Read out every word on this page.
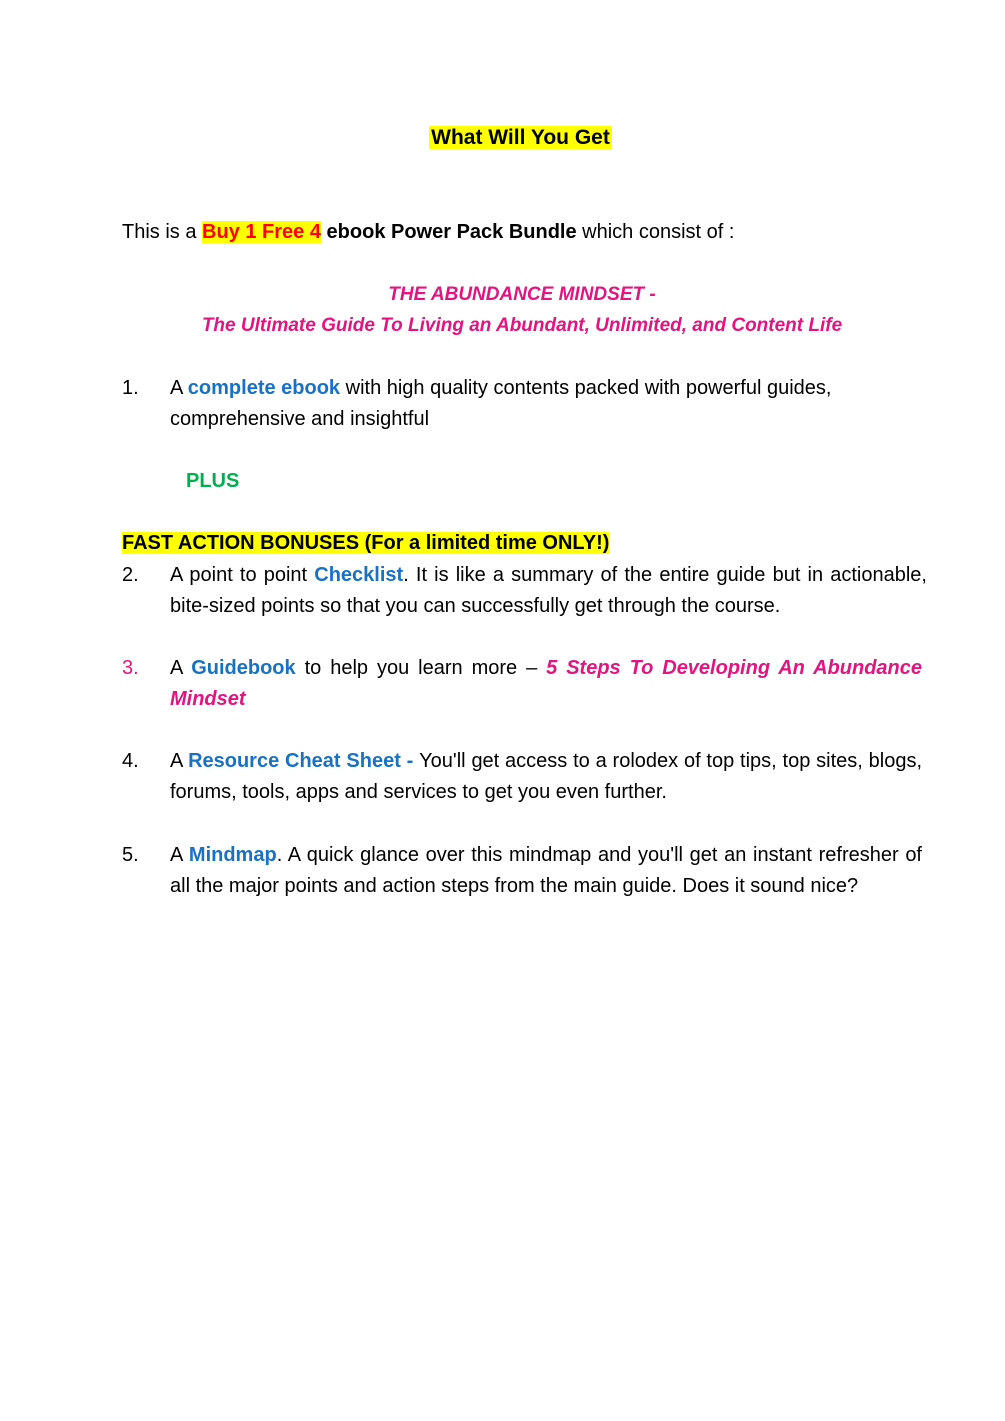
What Will You Get
This is a Buy 1 Free 4 ebook Power Pack Bundle which consist of :
THE ABUNDANCE MINDSET -
The Ultimate Guide To Living an Abundant, Unlimited, and Content Life
1.	A complete ebook with high quality contents packed with powerful guides, comprehensive and insightful
PLUS
FAST ACTION BONUSES (For a limited time ONLY!)
2.	A point to point Checklist. It is like a summary of the entire guide but in actionable, bite-sized points so that you can successfully get through the course.
3.	A Guidebook to help you learn more – 5 Steps To Developing An Abundance Mindset
4.	A Resource Cheat Sheet - You'll get access to a rolodex of top tips, top sites, blogs, forums, tools, apps and services to get you even further.
5.	A Mindmap. A quick glance over this mindmap and you'll get an instant refresher of all the major points and action steps from the main guide. Does it sound nice?
